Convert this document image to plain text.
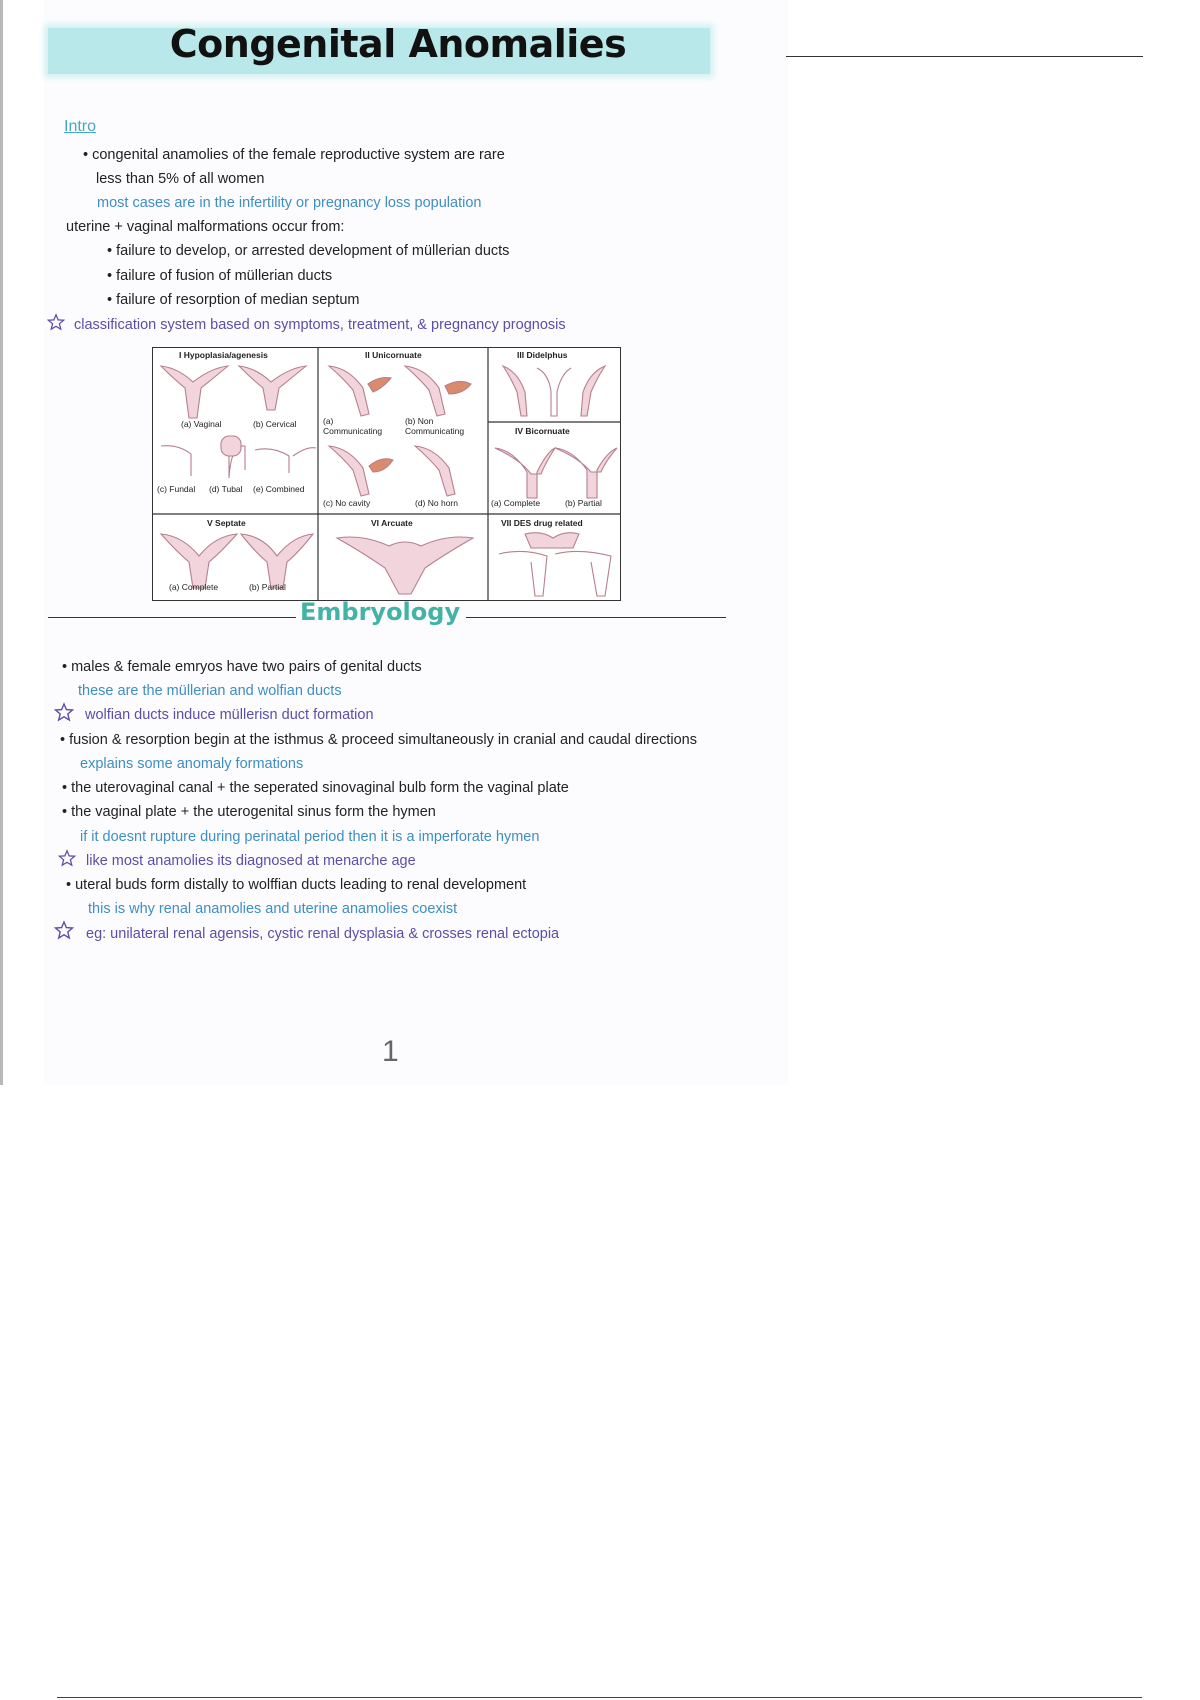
Congenital Anomalies
Intro
• congenital anamolies of the female reproductive system are rare
less than 5% of all women
most cases are in the infertility or pregnancy loss population
uterine + vaginal malformations occur from:
• failure to develop, or arrested development of müllerian ducts
• failure of fusion of müllerian ducts
• failure of resorption of median septum
classification system based on symptoms, treatment, & pregnancy prognosis
I Hypoplasia/agenesis	II Unicornuate	III Didelphus
IV Bicornuate
V Septate	VI Arcuate	VII DES drug related
(a) Vaginal	(b) Cervical
(c) Fundal (d) Tubal (e) Combined
(a)
Communicating
(b) Non
Communicating
(c) No cavity	(d) No horn	(a) Complete	(b) Partial
(a) Complete	(b) Partial
Embryology
• males & female emryos have two pairs of genital ducts
these are the müllerian and wolfian ducts
wolfian ducts induce müllerisn duct formation
• fusion & resorption begin at the isthmus & proceed simultaneously in cranial and caudal directions
explains some anomaly formations
• the uterovaginal canal + the seperated sinovaginal bulb form the vaginal plate
• the vaginal plate + the uterogenital sinus form the hymen
if it doesnt rupture during perinatal period then it is a imperforate hymen
like most anamolies its diagnosed at menarche age
• uteral buds form distally to wolffian ducts leading to renal development
this is why renal anamolies and uterine anamolies coexist
eg: unilateral renal agensis, cystic renal dysplasia & crosses renal ectopia
1
